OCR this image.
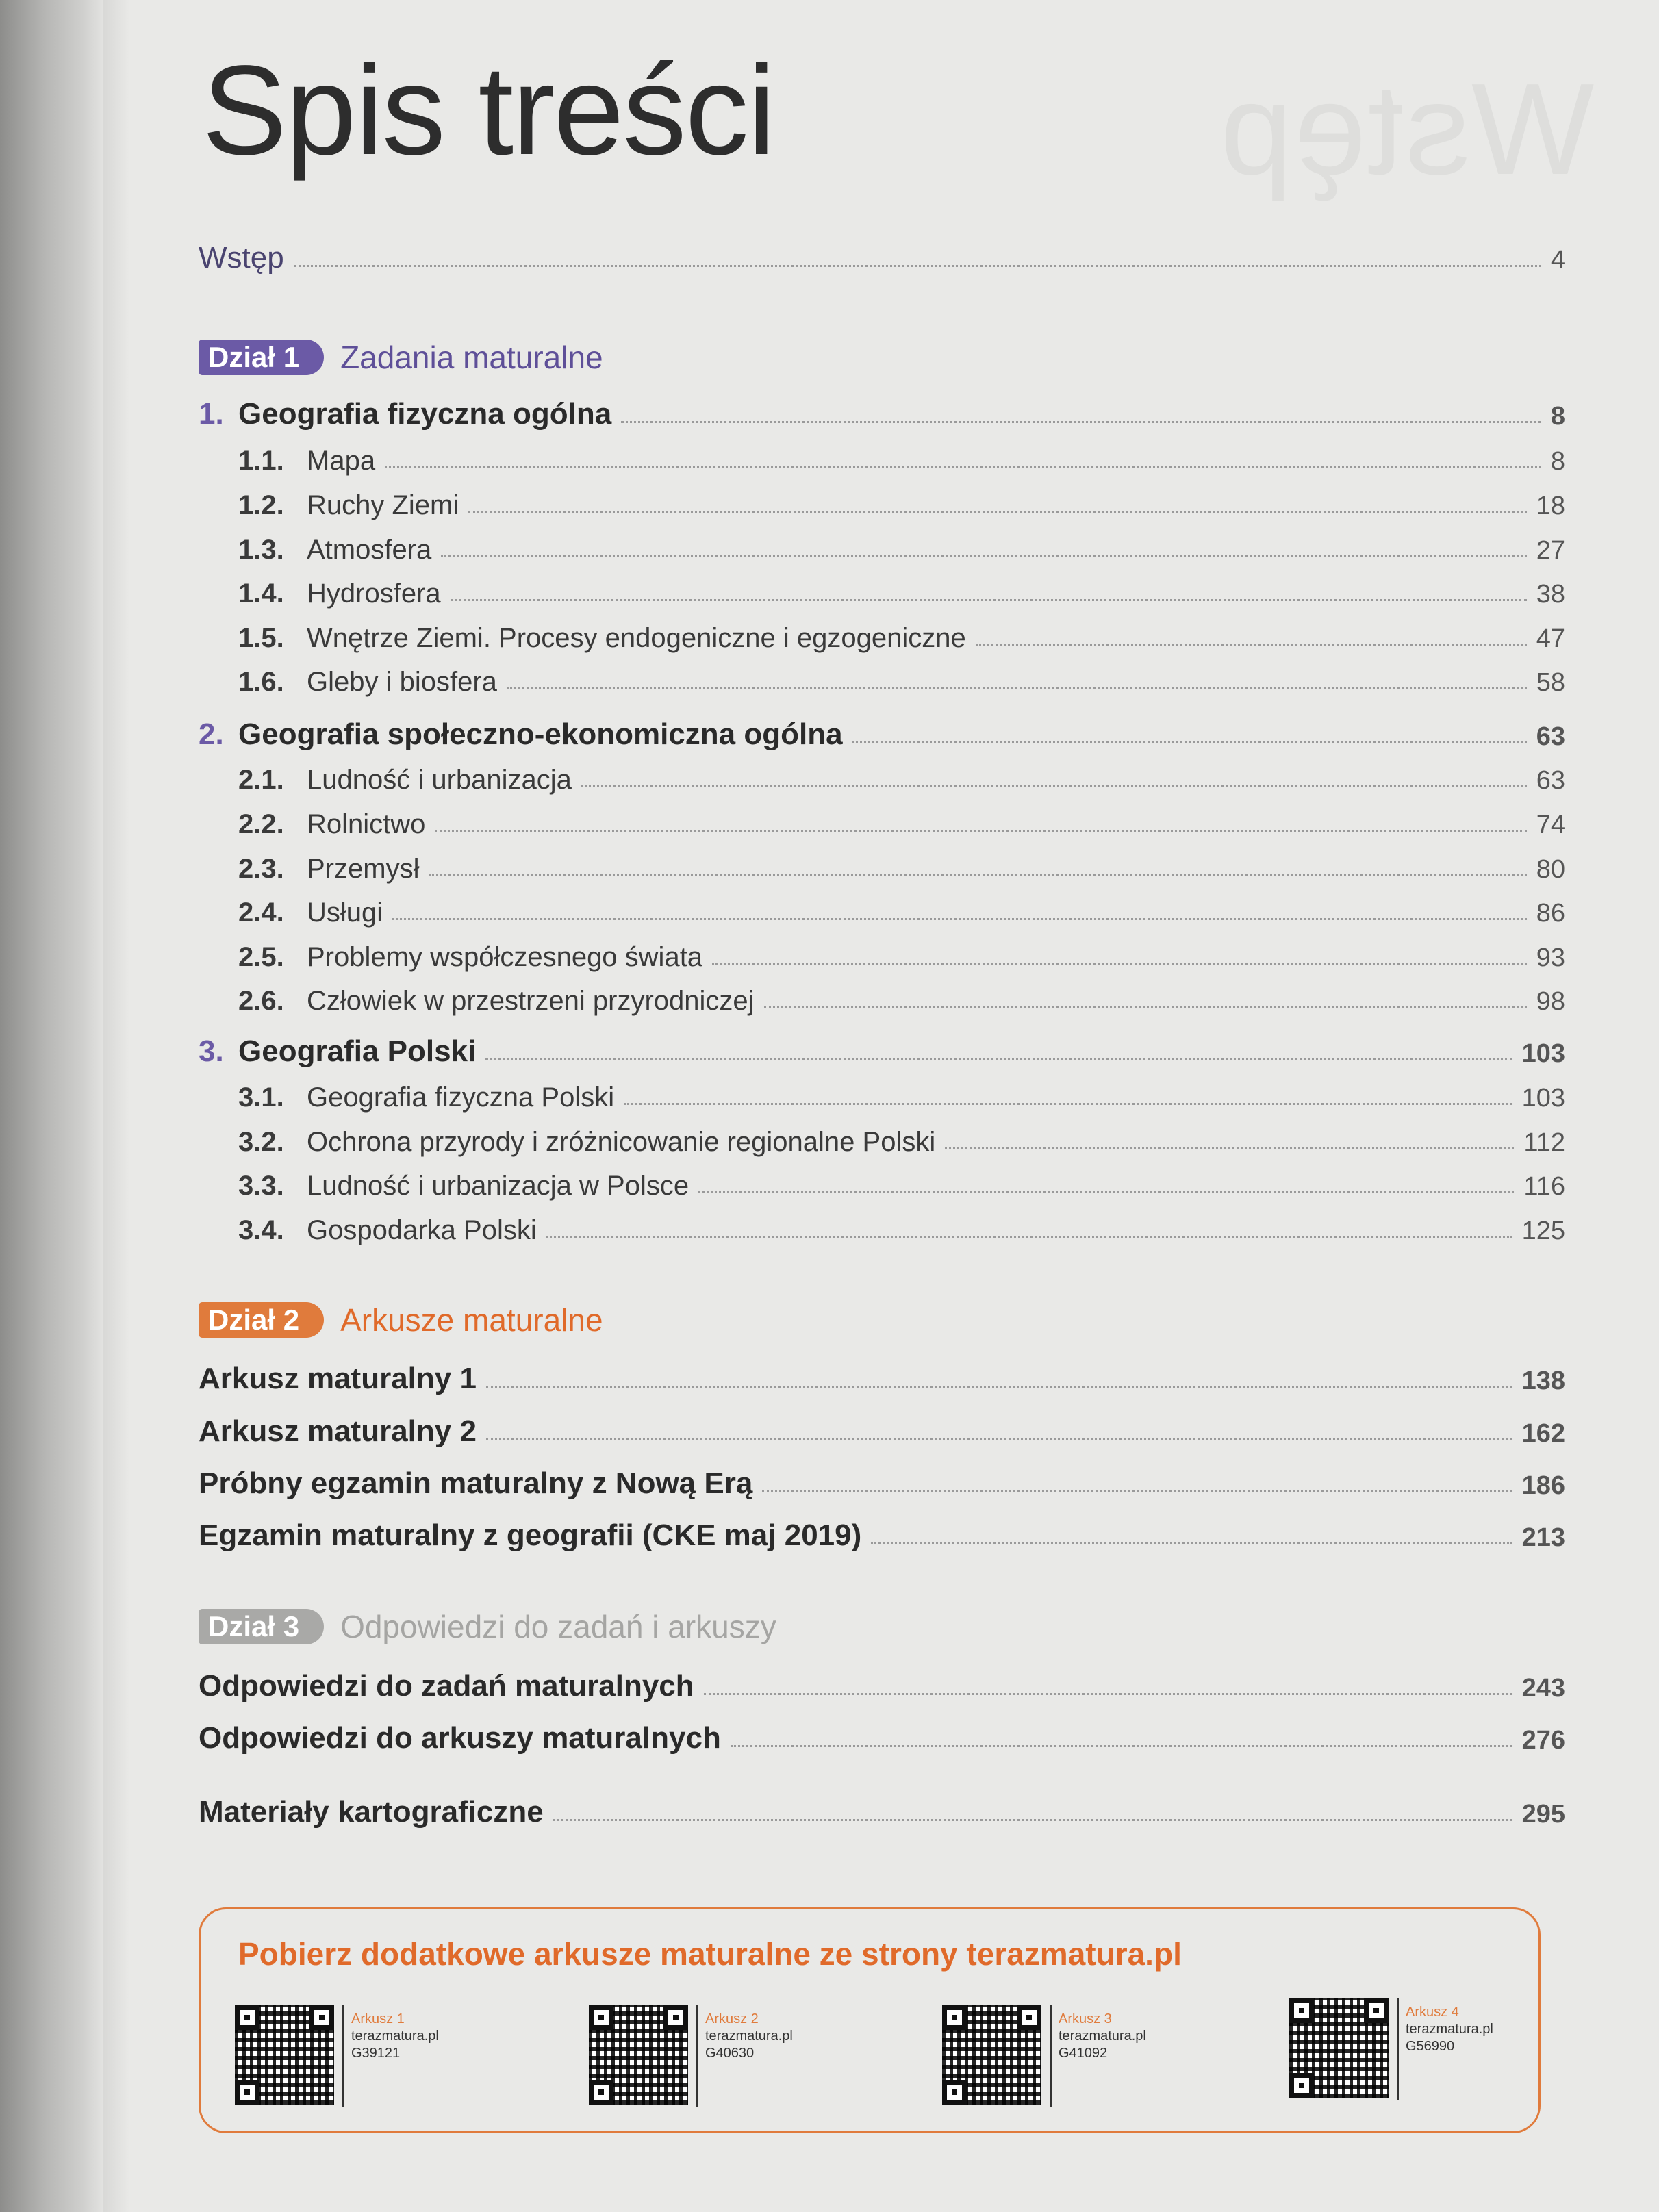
Wstęp
Spis treści
Wstęp	4
Dział 1	Zadania maturalne
1. Geografia fizyczna ogólna	8
1.1. Mapa	8
1.2. Ruchy Ziemi	18
1.3. Atmosfera	27
1.4. Hydrosfera	38
1.5. Wnętrze Ziemi. Procesy endogeniczne i egzogeniczne	47
1.6. Gleby i biosfera	58
2. Geografia społeczno-ekonomiczna ogólna	63
2.1. Ludność i urbanizacja	63
2.2. Rolnictwo	74
2.3. Przemysł	80
2.4. Usługi	86
2.5. Problemy współczesnego świata	93
2.6. Człowiek w przestrzeni przyrodniczej	98
3. Geografia Polski	103
3.1. Geografia fizyczna Polski	103
3.2. Ochrona przyrody i zróżnicowanie regionalne Polski	112
3.3. Ludność i urbanizacja w Polsce	116
3.4. Gospodarka Polski	125
Dział 2	Arkusze maturalne
Arkusz maturalny 1	138
Arkusz maturalny 2	162
Próbny egzamin maturalny z Nową Erą	186
Egzamin maturalny z geografii (CKE maj 2019)	213
Dział 3	Odpowiedzi do zadań i arkuszy
Odpowiedzi do zadań maturalnych	243
Odpowiedzi do arkuszy maturalnych	276
Materiały kartograficzne	295
Pobierz dodatkowe arkusze maturalne ze strony terazmatura.pl
Arkusz 1
terazmatura.pl
G39121
Arkusz 2
terazmatura.pl
G40630
Arkusz 3
terazmatura.pl
G41092
Arkusz 4
terazmatura.pl
G56990
